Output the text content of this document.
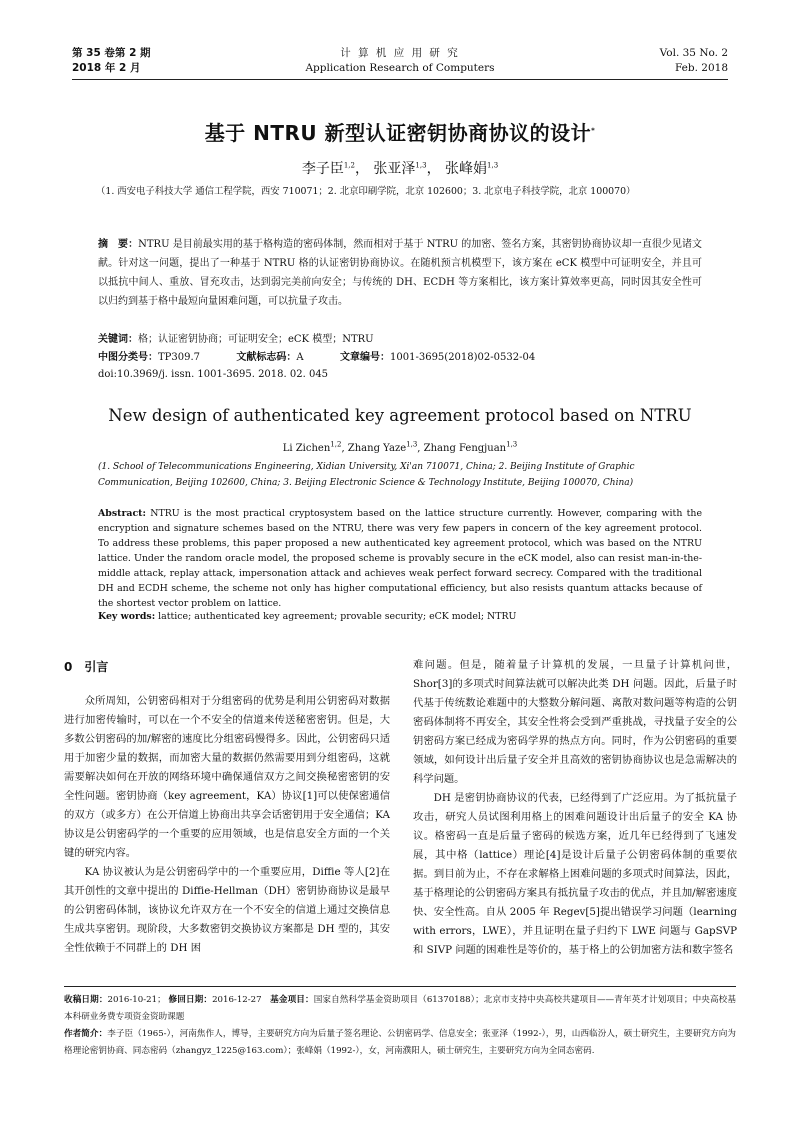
第 35 卷第 2 期
2018 年 2 月
计 算 机 应 用 研 究
Application Research of Computers
Vol. 35 No. 2
Feb. 2018
基于 NTRU 新型认证密钥协商协议的设计*
李子臣$^{1,2}$， 张亚泽$^{1,3}$， 张峰娟$^{1,3}$
（1. 西安电子科技大学 通信工程学院，西安 710071；2. 北京印刷学院，北京 102600；3. 北京电子科技学院，北京 100070）
摘　要：NTRU 是目前最实用的基于格构造的密码体制，然而相对于基于 NTRU 的加密、签名方案，其密钥协商协议却一直很少见诸文献。针对这一问题，提出了一种基于 NTRU 格的认证密钥协商协议。在随机预言机模型下，该方案在 eCK 模型中可证明安全，并且可以抵抗中间人、重放、冒充攻击，达到弱完美前向安全；与传统的 DH、ECDH 等方案相比，该方案计算效率更高，同时因其安全性可以归约到基于格中最短向量困难问题，可以抗量子攻击。
关键词：格；认证密钥协商；可证明安全；eCK 模型；NTRU
中图分类号：TP309.7	文献标志码：A	文章编号：1001-3695(2018)02-0532-04
doi:10.3969/j. issn. 1001-3695. 2018. 02. 045
New design of authenticated key agreement protocol based on NTRU
Li Zichen$^{1,2}$, Zhang Yaze$^{1,3}$, Zhang Fengjuan$^{1,3}$
(1. School of Telecommunications Engineering, Xidian University, Xi'an 710071, China; 2. Beijing Institute of Graphic Communication, Beijing 102600, China; 3. Beijing Electronic Science & Technology Institute, Beijing 100070, China)
Abstract: NTRU is the most practical cryptosystem based on the lattice structure currently. However, comparing with the encryption and signature schemes based on the NTRU, there was very few papers in concern of the key agreement protocol. To address these problems, this paper proposed a new authenticated key agreement protocol, which was based on the NTRU lattice. Under the random oracle model, the proposed scheme is provably secure in the eCK model, also can resist man-in-the-middle attack, replay attack, impersonation attack and achieves weak perfect forward secrecy. Compared with the traditional DH and ECDH scheme, the scheme not only has higher computational efficiency, but also resists quantum attacks because of the shortest vector problem on lattice.
Key words: lattice; authenticated key agreement; provable security; eCK model; NTRU
0　引言

众所周知，公钥密码相对于分组密码的优势是利用公钥密码对数据进行加密传输时，可以在一个不安全的信道来传送秘密密钥。但是，大多数公钥密码的加/解密的速度比分组密码慢得多。因此，公钥密码只适用于加密少量的数据，而加密大量的数据仍然需要用到分组密码，这就需要解决如何在开放的网络环境中确保通信双方之间交换秘密密钥的安全性问题。密钥协商（key agreement，KA）协议[1]可以使保密通信的双方（或多方）在公开信道上协商出共享会话密钥用于安全通信；KA 协议是公钥密码学的一个重要的应用领域，也是信息安全方面的一个关键的研究内容。

KA 协议被认为是公钥密码学中的一个重要应用，Diffie 等人[2]在其开创性的文章中提出的 Diffie-Hellman（DH）密钥协商协议是最早的公钥密码体制，该协议允许双方在一个不安全的信道上通过交换信息生成共享密钥。现阶段，大多数密钥交换协议方案都是 DH 型的，其安全性依赖于不同群上的 DH 困

难问题。但是，随着量子计算机的发展，一旦量子计算机问世，Shor[3]的多项式时间算法就可以解决此类 DH 问题。因此，后量子时代基于传统数论难题中的大整数分解问题、离散对数问题等构造的公钥密码体制将不再安全，其安全性将会受到严重挑战，寻找量子安全的公钥密码方案已经成为密码学界的热点方向。同时，作为公钥密码的重要领域，如何设计出后量子安全并且高效的密钥协商协议也是急需解决的科学问题。

DH 是密钥协商协议的代表，已经得到了广泛应用。为了抵抗量子攻击，研究人员试图利用格上的困难问题设计出后量子的安全 KA 协议。格密码一直是后量子密码的候选方案，近几年已经得到了飞速发展，其中格（lattice）理论[4]是设计后量子公钥密码体制的重要依据。到目前为止，不存在求解格上困难问题的多项式时间算法，因此，基于格理论的公钥密码方案具有抵抗量子攻击的优点，并且加/解密速度快、安全性高。自从 2005 年 Regev[5]提出错误学习问题（learning with errors，LWE），并且证明在量子归约下 LWE 问题与 GapSVP 和 SIVP 问题的困难性是等价的，基于格上的公钥加密方法和数字签名

收稿日期：2016-10-21； 修回日期：2016-12-27 基金项目：国家自然科学基金资助项目（61370188）；北京市支持中央高校共建项目——青年英才计划项目；中央高校基本科研业务费专项资金资助课题
作者简介：李子臣（1965-），河南焦作人，博导，主要研究方向为后量子签名理论、公钥密码学、信息安全；张亚泽（1992-），男，山西临汾人，硕士研究生，主要研究方向为格理论密钥协商、同态密码（zhangyz_1225@163.com）；张峰娟（1992-），女，河南濮阳人，硕士研究生，主要研究方向为全同态密码.
